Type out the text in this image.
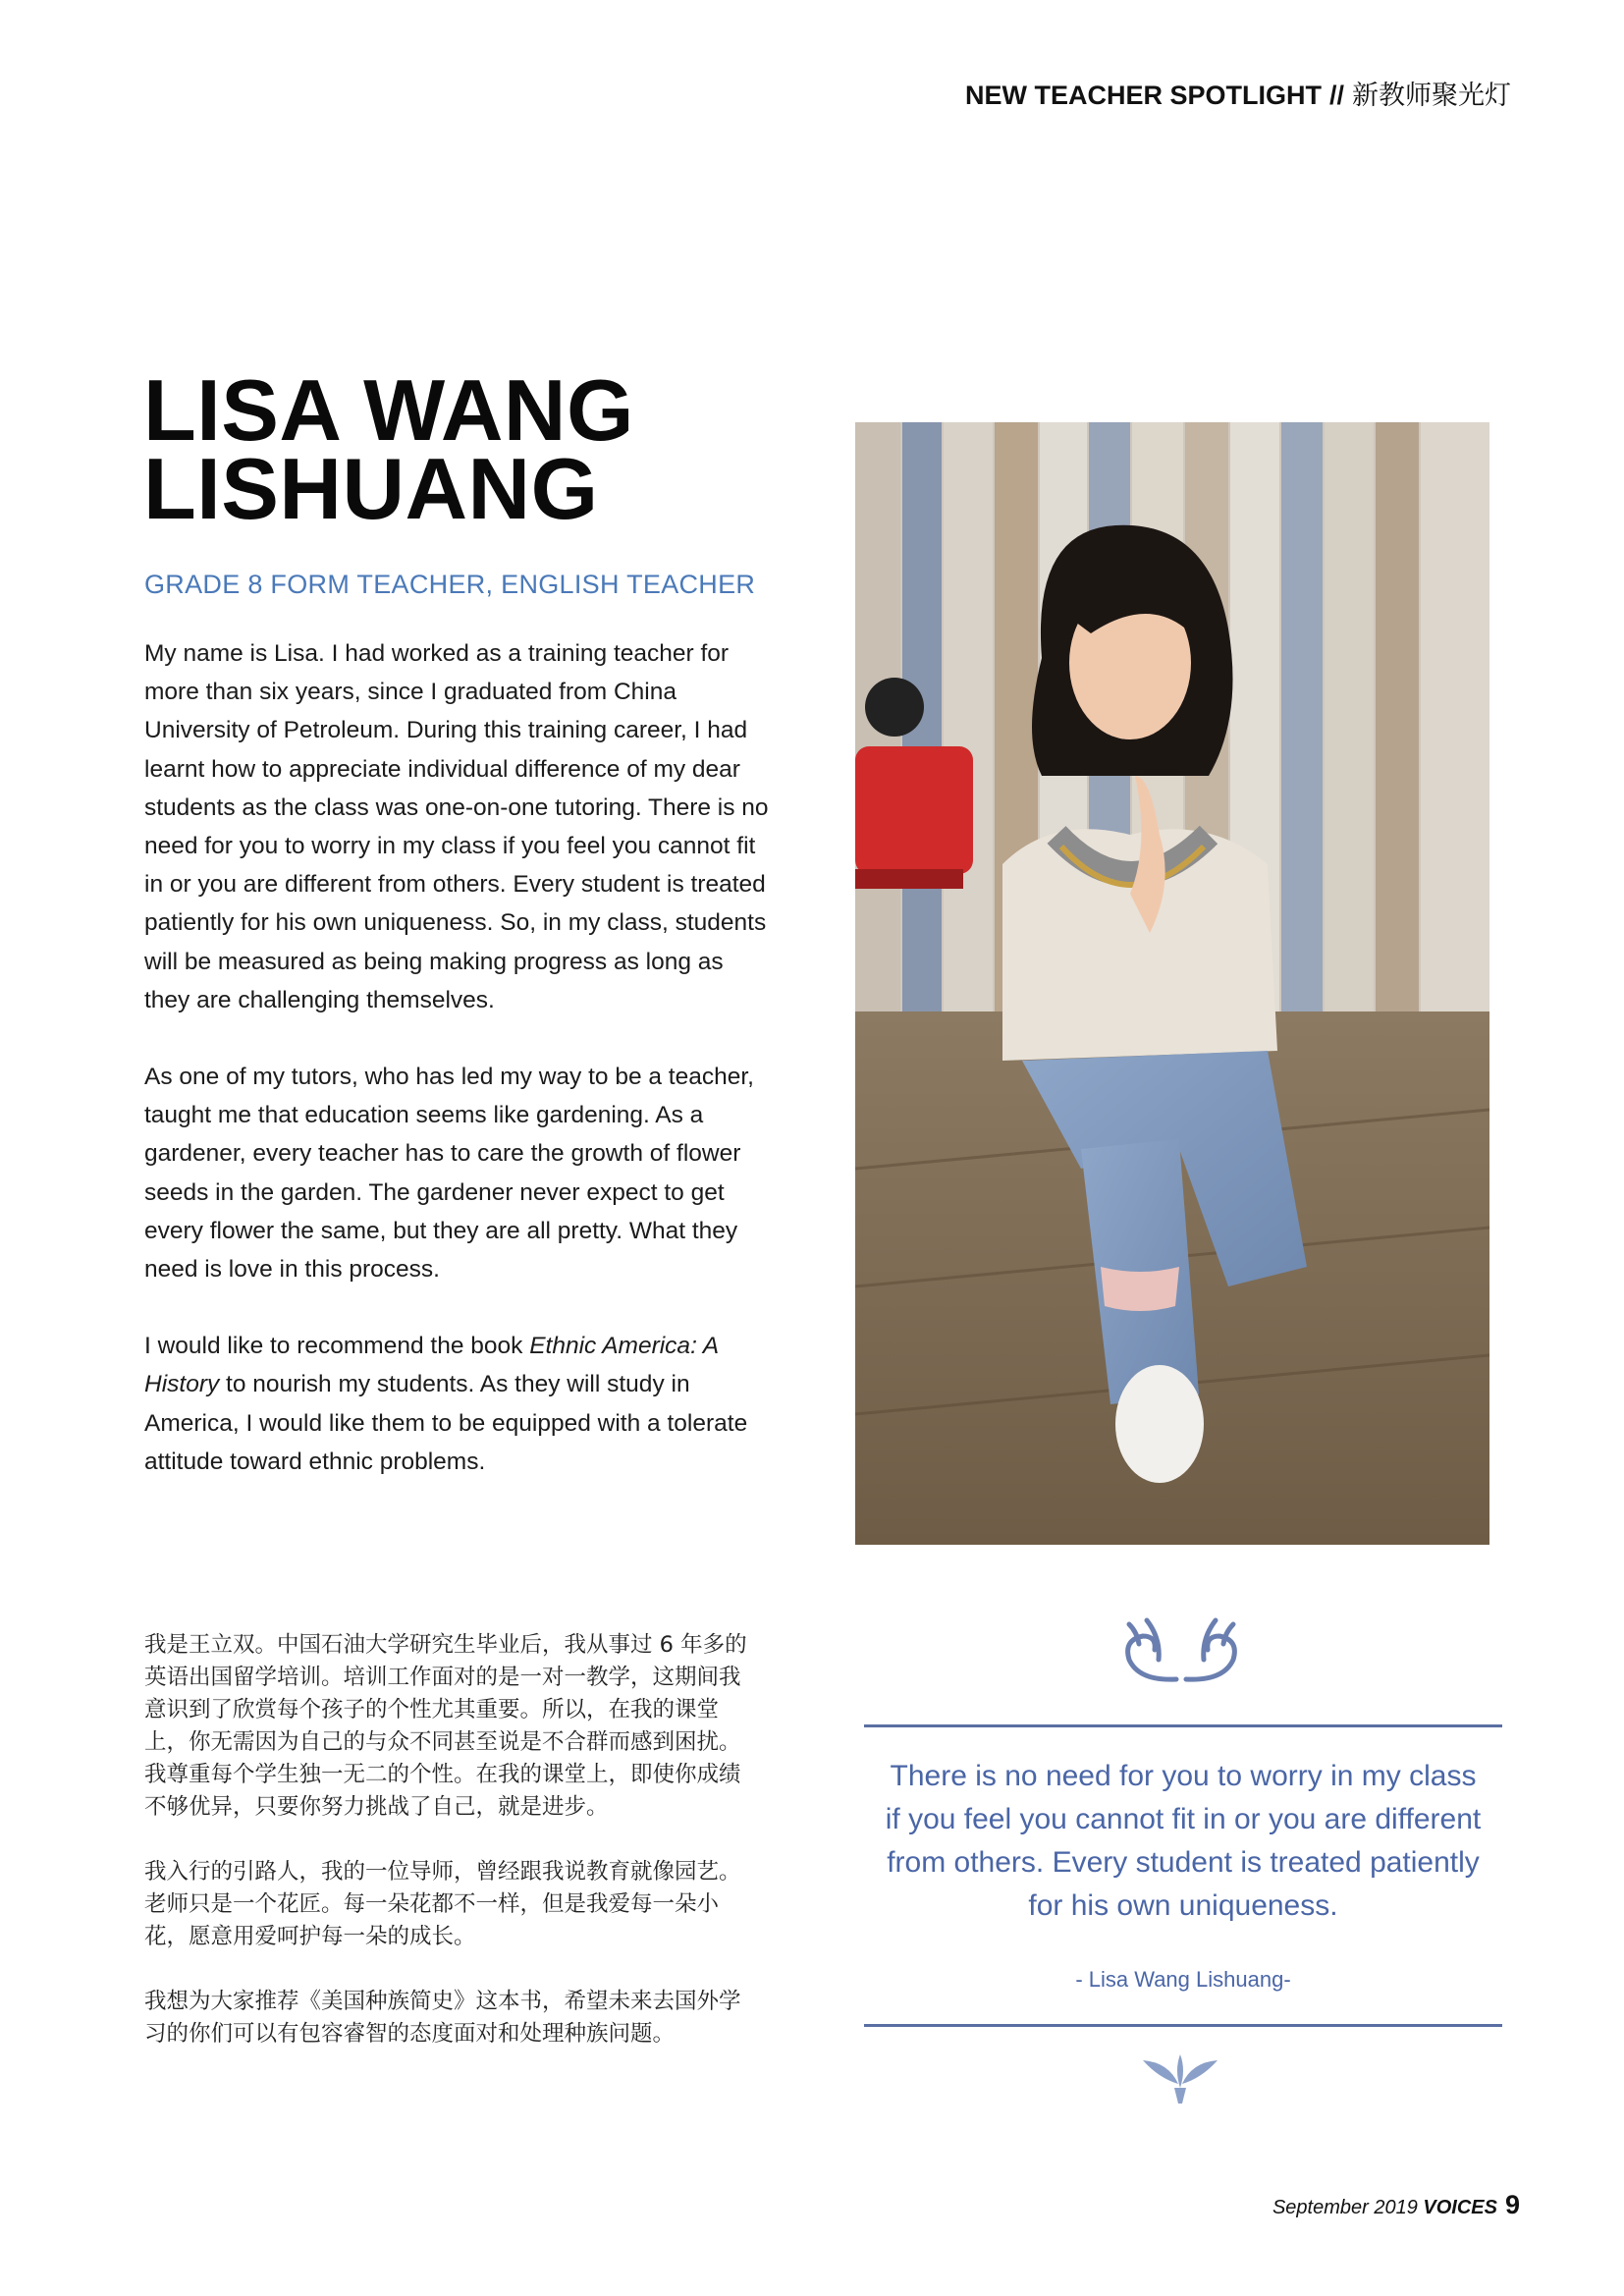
NEW TEACHER SPOTLIGHT // 新教师聚光灯
LISA WANG
LISHUANG
GRADE 8 FORM TEACHER, ENGLISH TEACHER

My name is Lisa. I had worked as a training teacher for more than six years, since I graduated from China University of Petroleum. During this training career, I had learnt how to appreciate individual difference of my dear students as the class was one-on-one tutoring. There is no need for you to worry in my class if you feel you cannot fit in or you are different from others. Every student is treated patiently for his own uniqueness. So, in my class, students will be measured as being making progress as long as they are challenging themselves.

As one of my tutors, who has led my way to be a teacher, taught me that education seems like gardening. As a gardener, every teacher has to care the growth of flower seeds in the garden. The gardener never expect to get every flower the same, but they are all pretty. What they need is love in this process.

I would like to recommend the book Ethnic America: A History to nourish my students. As they will study in America, I would like them to be equipped with a tolerate attitude toward ethnic problems.

我是王立双。中国石油大学研究生毕业后，我从事过 6 年多的英语出国留学培训。培训工作面对的是一对一教学，这期间我意识到了欣赏每个孩子的个性尤其重要。所以，在我的课堂上，你无需因为自己的与众不同甚至说是不合群而感到困扰。我尊重每个学生独一无二的个性。在我的课堂上，即使你成绩不够优异，只要你努力挑战了自己，就是进步。

我入行的引路人，我的一位导师，曾经跟我说教育就像园艺。老师只是一个花匠。每一朵花都不一样，但是我爱每一朵小花，愿意用爱呵护每一朵的成长。

我想为大家推荐《美国种族简史》这本书，希望未来去国外学习的你们可以有包容睿智的态度面对和处理种族问题。

There is no need for you to worry in my class if you feel you cannot fit in or you are different from others. Every student is treated patiently for his own uniqueness.
- Lisa Wang Lishuang-
September 2019 VOICES 9
